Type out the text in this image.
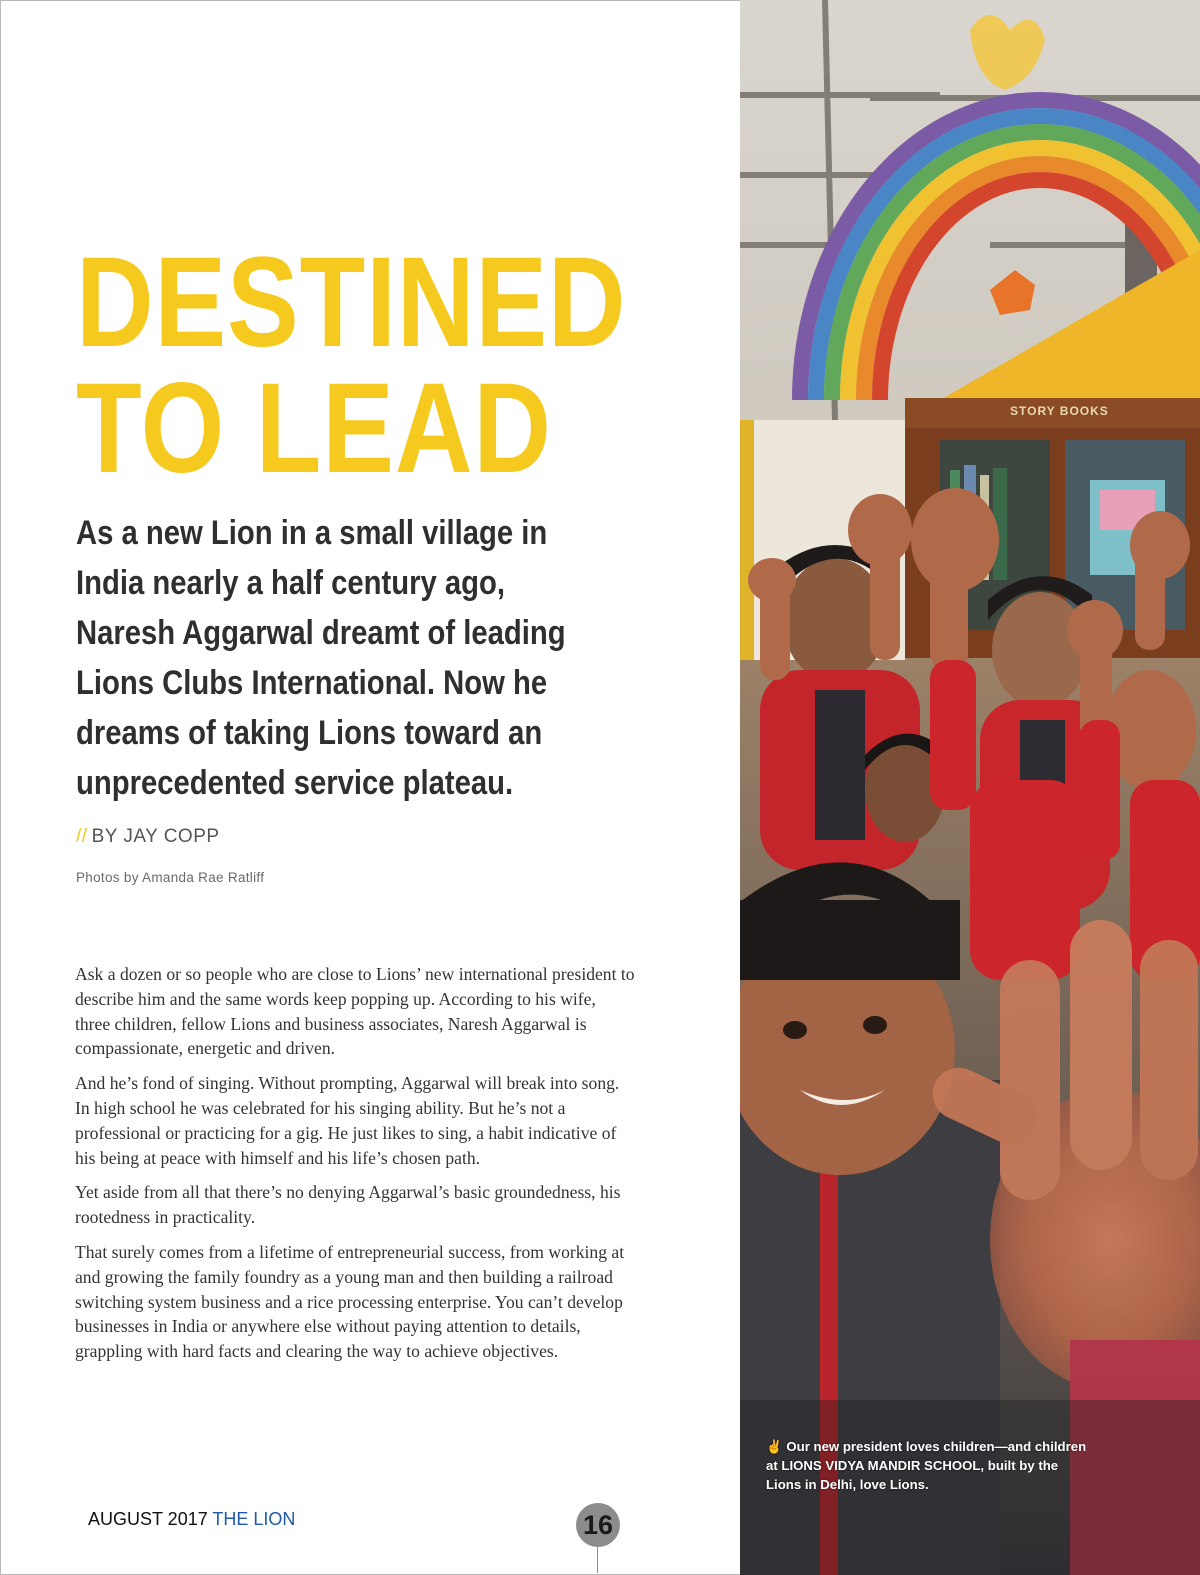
DESTINED
TO LEAD

As a new Lion in a small village in India nearly a half century ago, Naresh Aggarwal dreamt of leading Lions Clubs International. Now he dreams of taking Lions toward an unprecedented service plateau.

// BY JAY COPP
Photos by Amanda Rae Ratliff

Ask a dozen or so people who are close to Lions’ new international president to describe him and the same words keep popping up. According to his wife, three children, fellow Lions and business associates, Naresh Aggarwal is compassionate, energetic and driven.

And he’s fond of singing. Without prompting, Aggarwal will break into song. In high school he was celebrated for his singing ability. But he’s not a professional or practicing for a gig. He just likes to sing, a habit indicative of his being at peace with himself and his life’s chosen path.

Yet aside from all that there’s no denying Aggarwal’s basic groundedness, his rootedness in practicality.

That surely comes from a lifetime of entrepreneurial success, from working at and growing the family foundry as a young man and then building a railroad switching system business and a rice processing enterprise. You can’t develop businesses in India or anywhere else without paying attention to details, grappling with hard facts and clearing the way to achieve objectives.

AUGUST 2017 THE LION	16
STORY BOOKS
✌ Our new president loves children—and children at LIONS VIDYA MANDIR SCHOOL, built by the Lions in Delhi, love Lions.
